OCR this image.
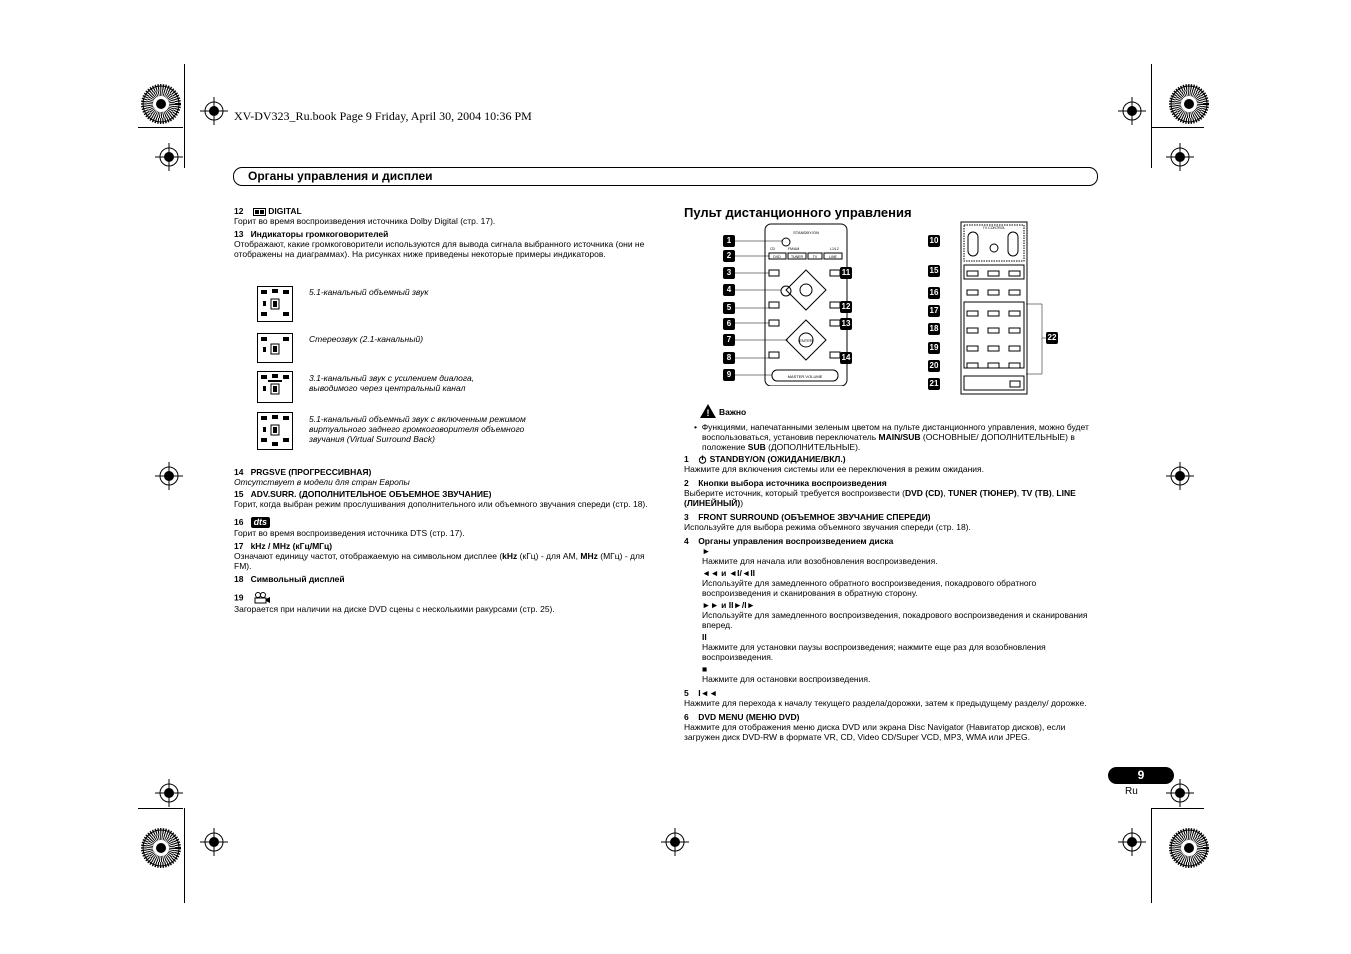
XV-DV323_Ru.book Page 9 Friday, April 30, 2004 10:36 PM
Органы управления и дисплеи

12	DIGITAL

Горит во время воспроизведения источника Dolby Digital (стр. 17).

13 Индикаторы громкоговорителей

Отображают, какие громкоговорители используются для вывода сигнала выбранного источника (они не отображены на диаграммах). На рисунках ниже приведены некоторые примеры индикаторов.

5.1-канальный объемный звук
Стереозвук (2.1-канальный)
3.1-канальный звук с усилением диалога, выводимого через центральный канал
5.1-канальный объемный звук с включенным режимом виртуального заднего громкоговорителя объемного звучания (Virtual Surround Back)

14 PRGSVE (ПРОГРЕССИВНАЯ)

Отсутствует в модели для стран Европы

15 ADV.SURR. (ДОПОЛНИТЕЛЬНОЕ ОБЪЕМНОЕ ЗВУЧАНИЕ)

Горит, когда выбран режим прослушивания дополнительного или объемного звучания спереди (стр. 18).

16 dts

Горит во время воспроизведения источника DTS (стр. 17).

17 kHz / MHz (кГц/МГц)

Означают единицу частот, отображаемую на символьном дисплее (kHz (кГц) - для AM, MHz (МГц) - для FM).

18 Символьный дисплей

19

Загорается при наличии на диске DVD сцены с несколькими ракурсами (стр. 25).

Пульт дистанционного управления
STANDBY/ON
CD	FM/AM	L1/L2
DVD	TUNER	TV	LINE
ENTER
MASTER VOLUME
1
2
3
4
5
6
7
8
9
11
12
13
14
TV CONTROL
10
15
16
17
18
19
20
21
22
! Важно

•  Функциями, напечатанными зеленым цветом на пульте дистанционного управления, можно будет воспользоваться, установив переключатель MAIN/SUB (ОСНОВНЫЕ/ ДОПОЛНИТЕЛЬНЫЕ) в положение SUB (ДОПОЛНИТЕЛЬНЫЕ).

1 STANDBY/ON (ОЖИДАНИЕ/ВКЛ.)

Нажмите для включения системы или ее переключения в режим ожидания.

2 Кнопки выбора источника воспроизведения

Выберите источник, который требуется воспроизвести (DVD (CD), TUNER (ТЮНЕР), TV (ТВ), LINE (ЛИНЕЙНЫЙ))

3 FRONT SURROUND (ОБЪЕМНОЕ ЗВУЧАНИЕ СПЕРЕДИ)

Используйте для выбора режима объемного звучания спереди (стр. 18).

4 Органы управления воспроизведением диска

►

Нажмите для начала или возобновления воспроизведения.

◄◄ и ◄I/◄II

Используйте для замедленного обратного воспроизведения, покадрового обратного воспроизведения и сканирования в обратную сторону.

►► и II►/I►

Используйте для замедленного воспроизведения, покадрового воспроизведения и сканирования вперед.

II

Нажмите для установки паузы воспроизведения; нажмите еще раз для возобновления воспроизведения.

■

Нажмите для остановки воспроизведения.

5 I◄◄

Нажмите для перехода к началу текущего раздела/дорожки, затем к предыдущему разделу/ дорожке.

6 DVD MENU (МЕНЮ DVD)

Нажмите для отображения меню диска DVD или экрана Disc Navigator (Навигатор дисков), если загружен диск DVD-RW в формате VR, CD, Video CD/Super VCD, MP3, WMA или JPEG.

9
Ru
